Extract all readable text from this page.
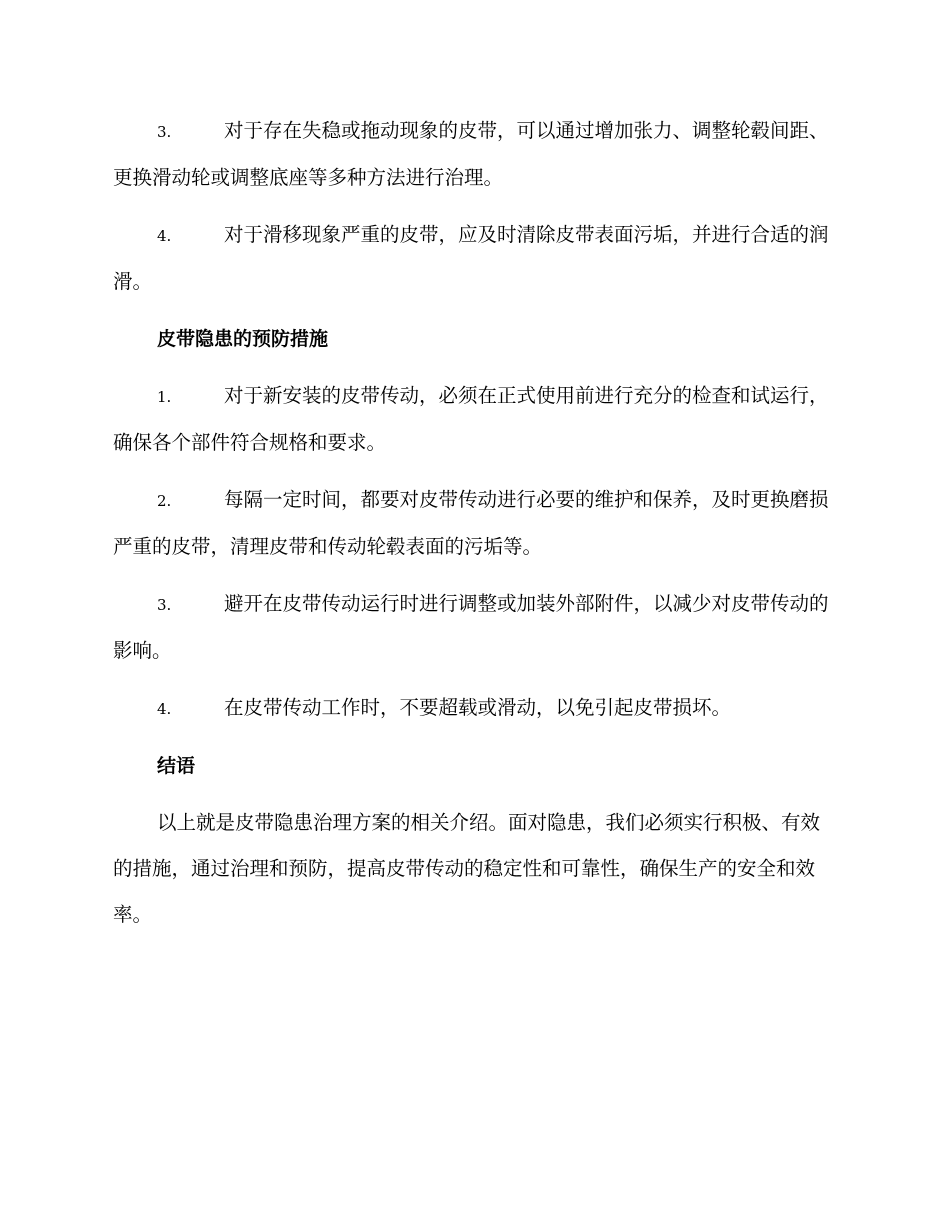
3.	对于存在失稳或拖动现象的皮带，可以通过增加张力、调整轮毂间距、更换滑动轮或调整底座等多种方法进行治理。

4.	对于滑移现象严重的皮带，应及时清除皮带表面污垢，并进行合适的润滑。

皮带隐患的预防措施

1.	对于新安装的皮带传动，必须在正式使用前进行充分的检查和试运行，确保各个部件符合规格和要求。

2.	每隔一定时间，都要对皮带传动进行必要的维护和保养，及时更换磨损严重的皮带，清理皮带和传动轮毂表面的污垢等。

3.	避开在皮带传动运行时进行调整或加装外部附件，以减少对皮带传动的影响。

4.	在皮带传动工作时，不要超载或滑动，以免引起皮带损坏。

结语

以上就是皮带隐患治理方案的相关介绍。面对隐患，我们必须实行积极、有效的措施，通过治理和预防，提高皮带传动的稳定性和可靠性，确保生产的安全和效率。
